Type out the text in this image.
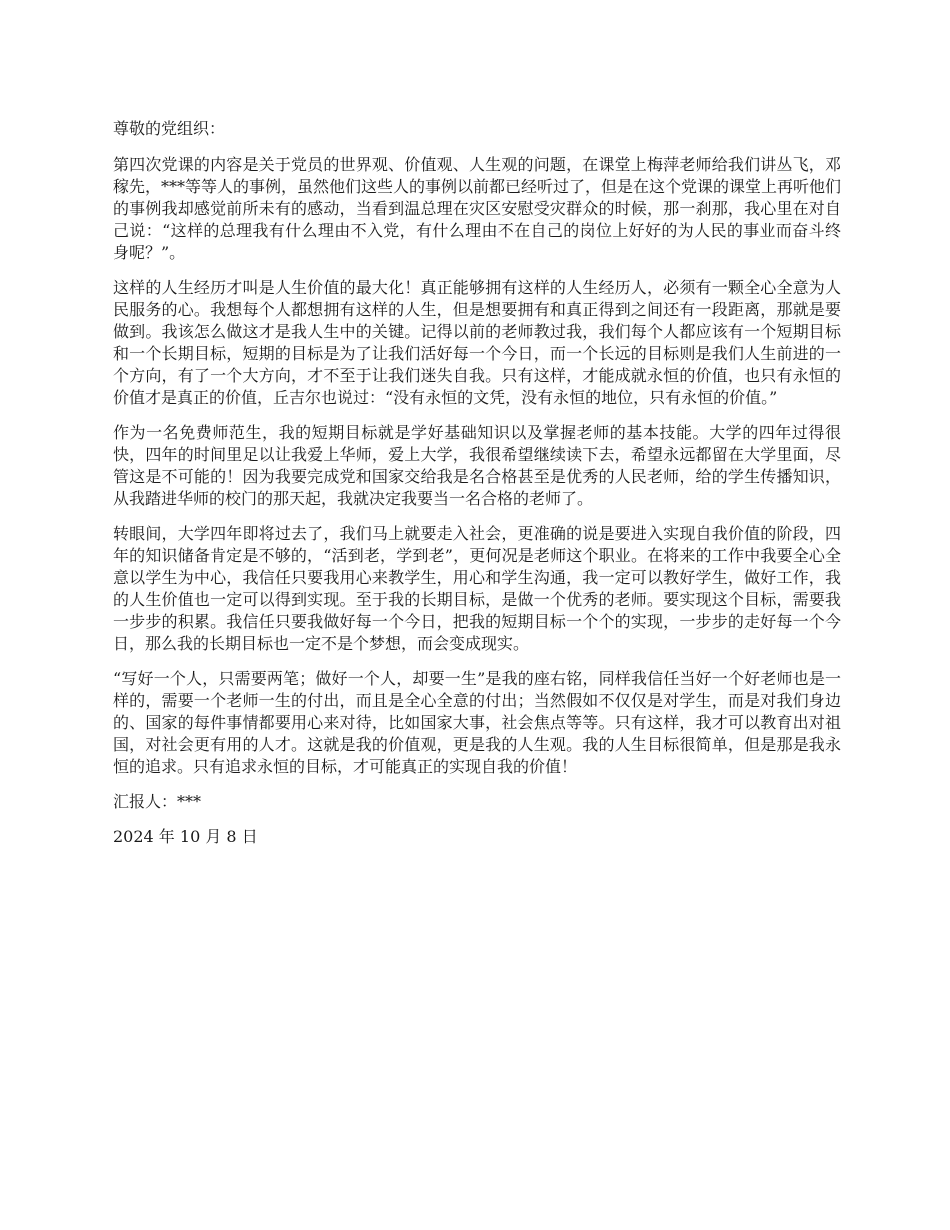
尊敬的党组织：

第四次党课的内容是关于党员的世界观、价值观、人生观的问题，在课堂上梅萍老师给我们讲丛飞，邓稼先，***等等人的事例，虽然他们这些人的事例以前都已经听过了，但是在这个党课的课堂上再听他们的事例我却感觉前所未有的感动，当看到温总理在灾区安慰受灾群众的时候，那一刹那，我心里在对自己说：“这样的总理我有什么理由不入党，有什么理由不在自己的岗位上好好的为人民的事业而奋斗终身呢？”。

这样的人生经历才叫是人生价值的最大化！真正能够拥有这样的人生经历人，必须有一颗全心全意为人民服务的心。我想每个人都想拥有这样的人生，但是想要拥有和真正得到之间还有一段距离，那就是要做到。我该怎么做这才是我人生中的关键。记得以前的老师教过我，我们每个人都应该有一个短期目标和一个长期目标，短期的目标是为了让我们活好每一个今日，而一个长远的目标则是我们人生前进的一个方向，有了一个大方向，才不至于让我们迷失自我。只有这样，才能成就永恒的价值，也只有永恒的价值才是真正的价值，丘吉尔也说过：“没有永恒的文凭，没有永恒的地位，只有永恒的价值。”

作为一名免费师范生，我的短期目标就是学好基础知识以及掌握老师的基本技能。大学的四年过得很快，四年的时间里足以让我爱上华师，爱上大学，我很希望继续读下去，希望永远都留在大学里面，尽管这是不可能的！因为我要完成党和国家交给我是名合格甚至是优秀的人民老师，给的学生传播知识，从我踏进华师的校门的那天起，我就决定我要当一名合格的老师了。

转眼间，大学四年即将过去了，我们马上就要走入社会，更准确的说是要进入实现自我价值的阶段，四年的知识储备肯定是不够的，“活到老，学到老”，更何况是老师这个职业。在将来的工作中我要全心全意以学生为中心，我信任只要我用心来教学生，用心和学生沟通，我一定可以教好学生，做好工作，我的人生价值也一定可以得到实现。至于我的长期目标，是做一个优秀的老师。要实现这个目标，需要我一步步的积累。我信任只要我做好每一个今日，把我的短期目标一个个的实现，一步步的走好每一个今日，那么我的长期目标也一定不是个梦想，而会变成现实。

“写好一个人，只需要两笔；做好一个人，却要一生”是我的座右铭，同样我信任当好一个好老师也是一样的，需要一个老师一生的付出，而且是全心全意的付出；当然假如不仅仅是对学生，而是对我们身边的、国家的每件事情都要用心来对待，比如国家大事，社会焦点等等。只有这样，我才可以教育出对祖国，对社会更有用的人才。这就是我的价值观，更是我的人生观。我的人生目标很简单，但是那是我永恒的追求。只有追求永恒的目标，才可能真正的实现自我的价值！

汇报人：***

2024 年 10 月 8 日
